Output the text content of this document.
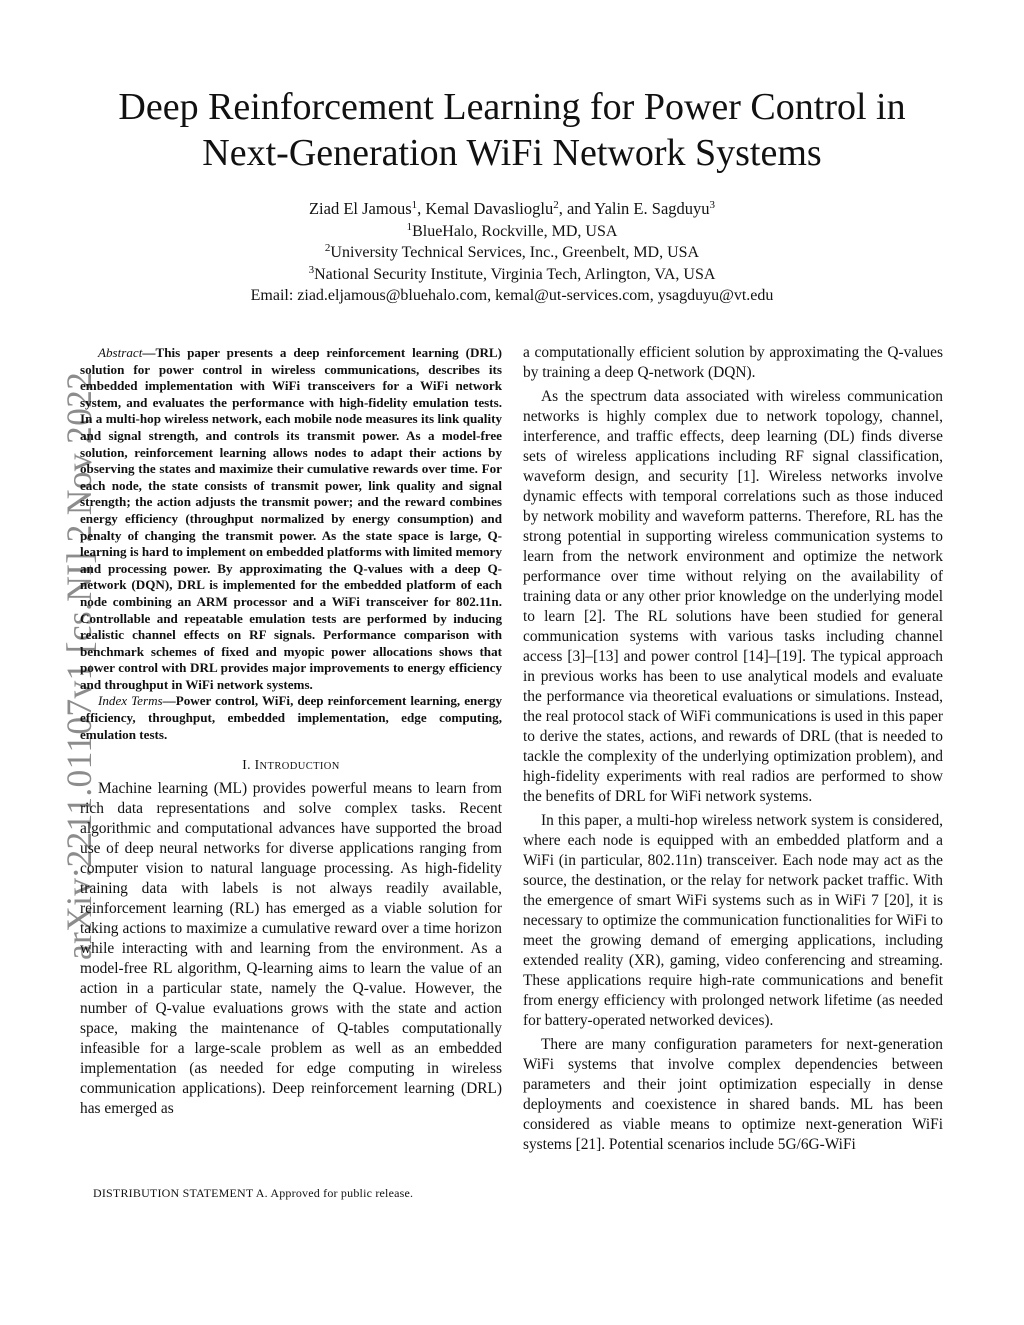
arXiv:2211.01107v1 [cs.NI] 2 Nov 2022
Deep Reinforcement Learning for Power Control in
Next-Generation WiFi Network Systems
Ziad El Jamous$^1$, Kemal Davaslioglu$^2$, and Yalin E. Sagduyu$^3$
$^1$BlueHalo, Rockville, MD, USA
$^2$University Technical Services, Inc., Greenbelt, MD, USA
$^3$National Security Institute, Virginia Tech, Arlington, VA, USA
Email: ziad.eljamous@bluehalo.com, kemal@ut-services.com, ysagduyu@vt.edu

Abstract—This paper presents a deep reinforcement learning (DRL) solution for power control in wireless communications, describes its embedded implementation with WiFi transceivers for a WiFi network system, and evaluates the performance with high-fidelity emulation tests. In a multi-hop wireless network, each mobile node measures its link quality and signal strength, and controls its transmit power. As a model-free solution, reinforcement learning allows nodes to adapt their actions by observing the states and maximize their cumulative rewards over time. For each node, the state consists of transmit power, link quality and signal strength; the action adjusts the transmit power; and the reward combines energy efficiency (throughput normalized by energy consumption) and penalty of changing the transmit power. As the state space is large, Q-learning is hard to implement on embedded platforms with limited memory and processing power. By approximating the Q-values with a deep Q-network (DQN), DRL is implemented for the embedded platform of each node combining an ARM processor and a WiFi transceiver for 802.11n. Controllable and repeatable emulation tests are performed by inducing realistic channel effects on RF signals. Performance comparison with benchmark schemes of fixed and myopic power allocations shows that power control with DRL provides major improvements to energy efficiency and throughput in WiFi network systems.

Index Terms—Power control, WiFi, deep reinforcement learning, energy efficiency, throughput, embedded implementation, edge computing, emulation tests.

I. INTRODUCTION

Machine learning (ML) provides powerful means to learn from rich data representations and solve complex tasks. Recent algorithmic and computational advances have supported the broad use of deep neural networks for diverse applications ranging from computer vision to natural language processing. As high-fidelity training data with labels is not always readily available, reinforcement learning (RL) has emerged as a viable solution for taking actions to maximize a cumulative reward over a time horizon while interacting with and learning from the environment. As a model-free RL algorithm, Q-learning aims to learn the value of an action in a particular state, namely the Q-value. However, the number of Q-value evaluations grows with the state and action space, making the maintenance of Q-tables computationally infeasible for a large-scale problem as well as an embedded implementation (as needed for edge computing in wireless communication applications). Deep reinforcement learning (DRL) has emerged as

a computationally efficient solution by approximating the Q-values by training a deep Q-network (DQN).

As the spectrum data associated with wireless communication networks is highly complex due to network topology, channel, interference, and traffic effects, deep learning (DL) finds diverse sets of wireless applications including RF signal classification, waveform design, and security [1]. Wireless networks involve dynamic effects with temporal correlations such as those induced by network mobility and waveform patterns. Therefore, RL has the strong potential in supporting wireless communication systems to learn from the network environment and optimize the network performance over time without relying on the availability of training data or any other prior knowledge on the underlying model to learn [2]. The RL solutions have been studied for general communication systems with various tasks including channel access [3]–[13] and power control [14]–[19]. The typical approach in previous works has been to use analytical models and evaluate the performance via theoretical evaluations or simulations. Instead, the real protocol stack of WiFi communications is used in this paper to derive the states, actions, and rewards of DRL (that is needed to tackle the complexity of the underlying optimization problem), and high-fidelity experiments with real radios are performed to show the benefits of DRL for WiFi network systems.

In this paper, a multi-hop wireless network system is considered, where each node is equipped with an embedded platform and a WiFi (in particular, 802.11n) transceiver. Each node may act as the source, the destination, or the relay for network packet traffic. With the emergence of smart WiFi systems such as in WiFi 7 [20], it is necessary to optimize the communication functionalities for WiFi to meet the growing demand of emerging applications, including extended reality (XR), gaming, video conferencing and streaming. These applications require high-rate communications and benefit from energy efficiency with prolonged network lifetime (as needed for battery-operated networked devices).

There are many configuration parameters for next-generation WiFi systems that involve complex dependencies between parameters and their joint optimization especially in dense deployments and coexistence in shared bands. ML has been considered as viable means to optimize next-generation WiFi systems [21]. Potential scenarios include 5G/6G-WiFi

DISTRIBUTION STATEMENT A. Approved for public release.
